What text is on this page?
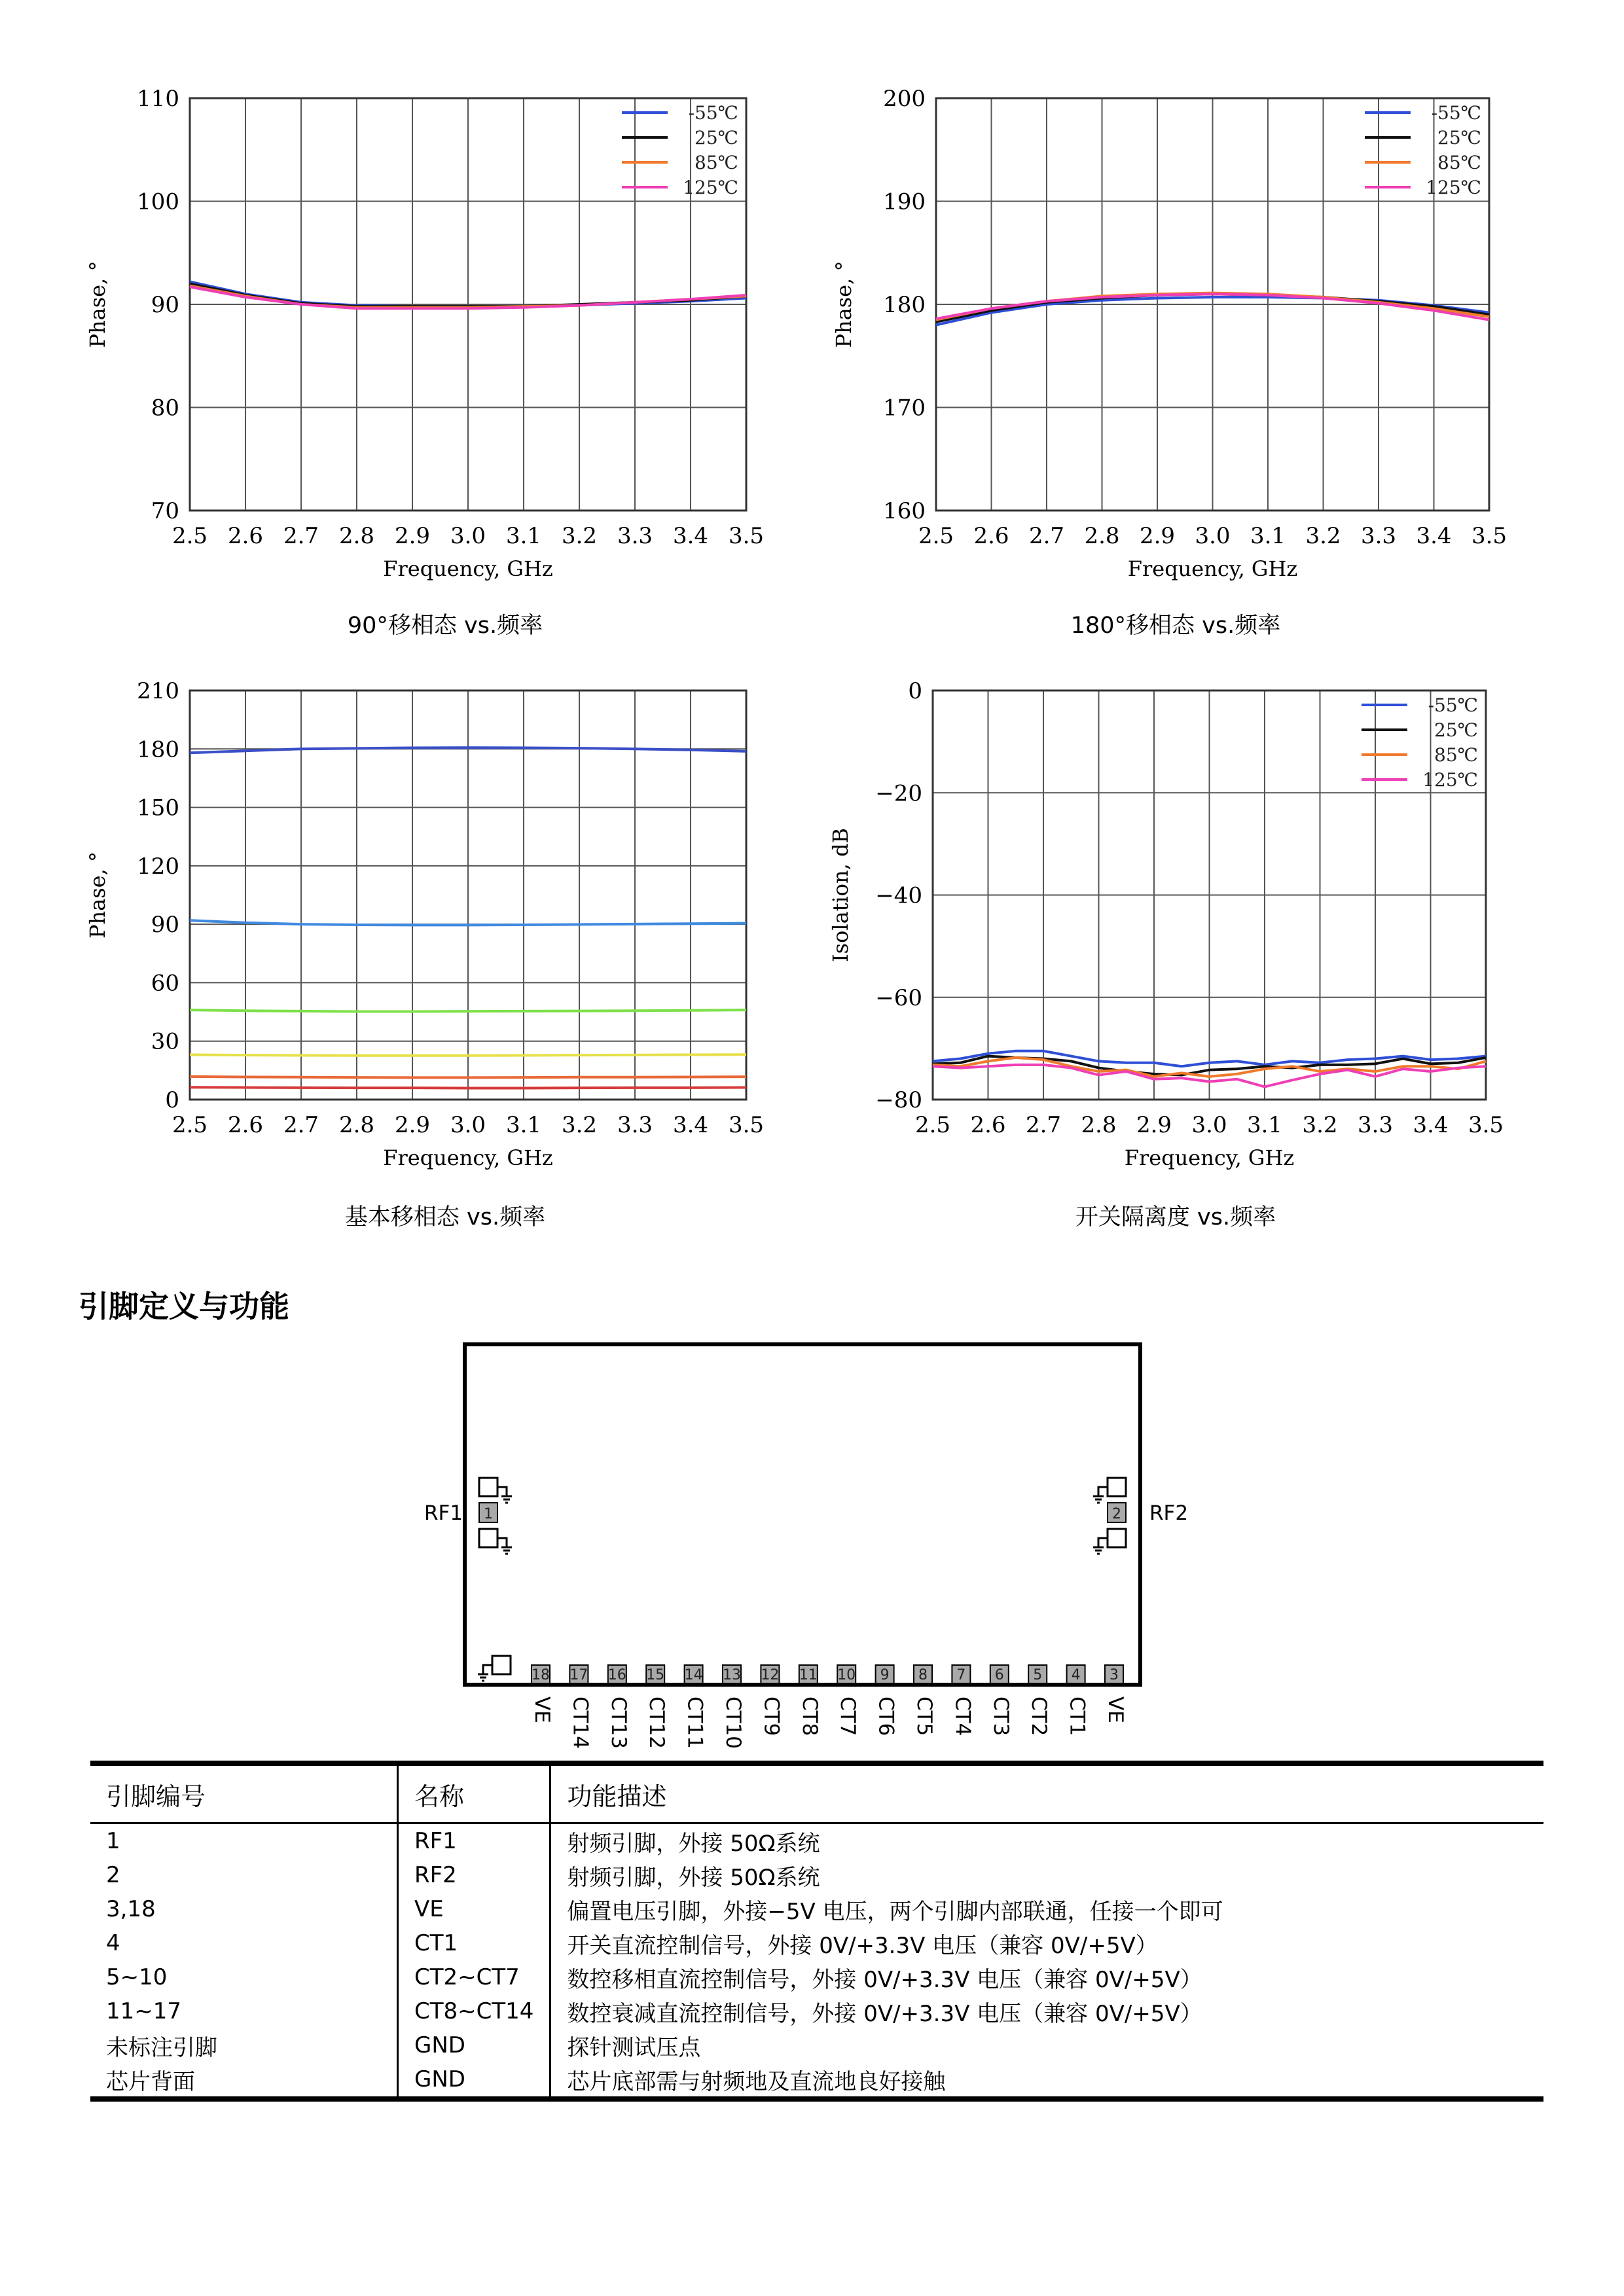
2.5 2.6 2.7 2.8 2.9 3.0 3.1 3.2 3.3 3.4 3.5
70
80
90
100
110
Frequency, GHz
Phase, °
-55℃
25℃
85℃
125℃
2.5 2.6 2.7 2.8 2.9 3.0 3.1 3.2 3.3 3.4 3.5
160
170
180
190
200
Frequency, GHz
Phase, °
-55℃
25℃
85℃
125℃
2.5 2.6 2.7 2.8 2.9 3.0 3.1 3.2 3.3 3.4 3.5
0
30
60
90
120
150
180
210
Frequency, GHz
Phase, °
2.5 2.6 2.7 2.8 2.9 3.0 3.1 3.2 3.3 3.4 3.5
0
−20
−40
−60
−80
Frequency, GHz
Isolation, dB
-55℃
25℃
85℃
125℃
90°移相态 vs.频率	180°移相态 vs.频率
基本移相态 vs.频率	开关隔离度 vs.频率
引脚定义与功能
RF1 1	RF2
2
18
VE
17
CT14
16
CT13
15
CT12
14
CT11
13
CT10
12
CT9
11
CT8
10
CT7
9
CT6
8
CT5
7
CT4
6
CT3
5
CT2
4
CT1
3
VE
引脚编号	名称	功能描述
1	RF1	射频引脚，外接 50Ω系统
2	RF2	射频引脚，外接 50Ω系统
3,18	VE	偏置电压引脚，外接−5V 电压，两个引脚内部联通，任接一个即可
4	CT1	开关直流控制信号，外接 0V/+3.3V 电压（兼容 0V/+5V）
5~10	CT2~CT7	数控移相直流控制信号，外接 0V/+3.3V 电压（兼容 0V/+5V）
11~17	CT8~CT14	数控衰减直流控制信号，外接 0V/+3.3V 电压（兼容 0V/+5V）
未标注引脚	GND	探针测试压点
芯片背面	GND	芯片底部需与射频地及直流地良好接触
